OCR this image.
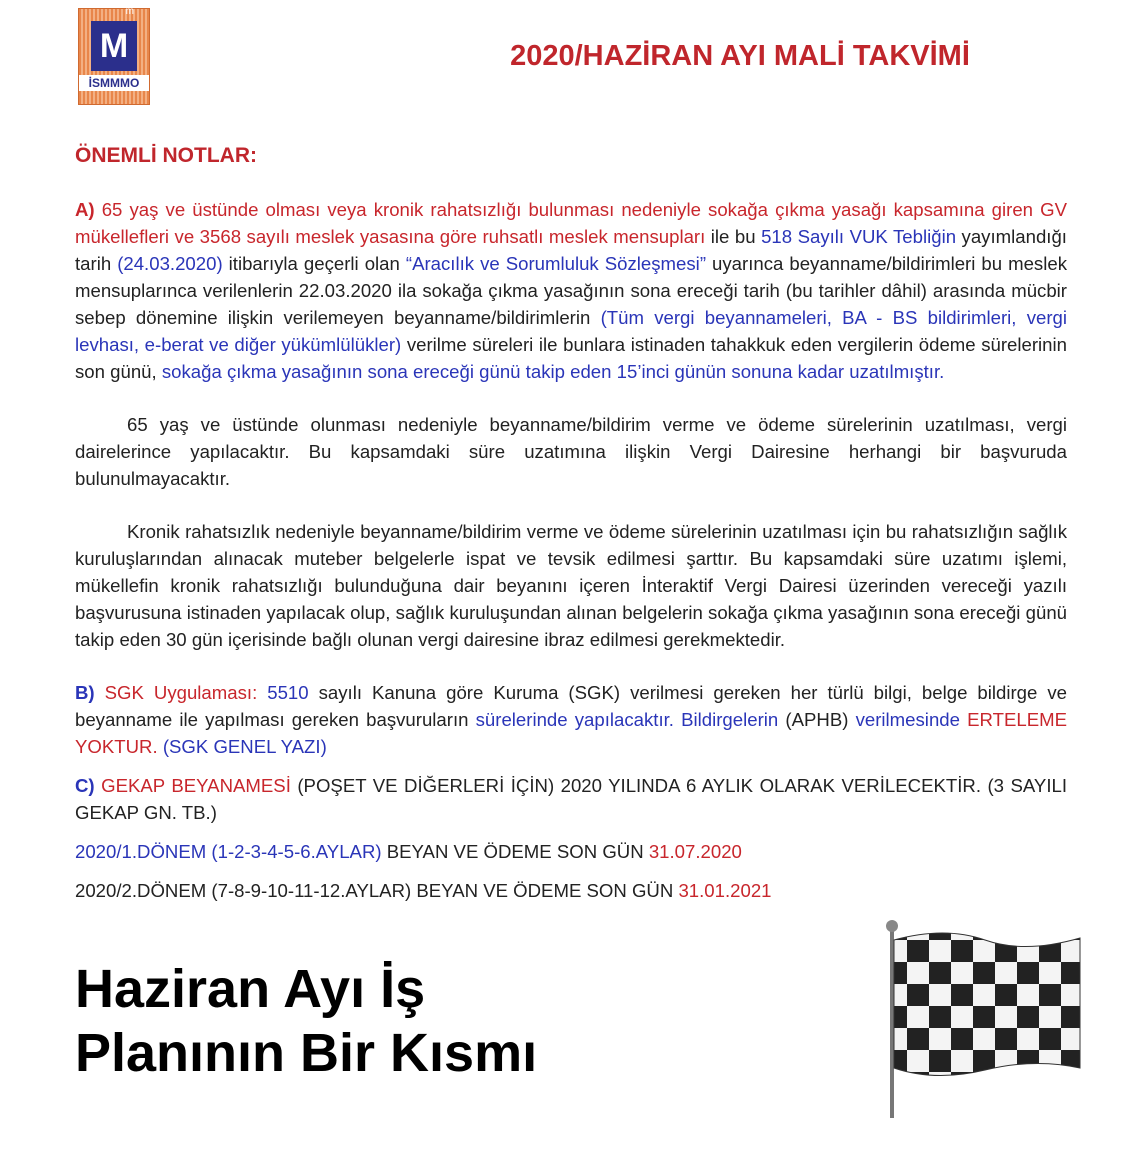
M
m
İSMMMO
2020/HAZİRAN AYI MALİ TAKVİMİ
ÖNEMLİ NOTLAR:
A) 65 yaş ve üstünde olması veya kronik rahatsızlığı bulunması nedeniyle sokağa çıkma yasağı kapsamına giren GV mükellefleri ve 3568 sayılı meslek yasasına göre ruhsatlı meslek mensupları ile bu 518 Sayılı VUK Tebliğin yayımlandığı tarih (24.03.2020) itibarıyla geçerli olan “Aracılık ve Sorumluluk Sözleşmesi” uyarınca beyanname/bildirimleri bu meslek mensuplarınca verilenlerin 22.03.2020 ila sokağa çıkma yasağının sona ereceği tarih (bu tarihler dâhil) arasında mücbir sebep dönemine ilişkin verilemeyen beyanname/bildirimlerin (Tüm vergi beyannameleri, BA - BS bildirimleri, vergi levhası, e-berat ve diğer yükümlülükler) verilme süreleri ile bunlara istinaden tahakkuk eden vergilerin ödeme sürelerinin son günü, sokağa çıkma yasağının sona ereceği günü takip eden 15’inci günün sonuna kadar uzatılmıştır.
65 yaş ve üstünde olunması nedeniyle beyanname/bildirim verme ve ödeme sürelerinin uzatılması, vergi dairelerince yapılacaktır. Bu kapsamdaki süre uzatımına ilişkin Vergi Dairesine herhangi bir başvuruda bulunulmayacaktır.
Kronik rahatsızlık nedeniyle beyanname/bildirim verme ve ödeme sürelerinin uzatılması için bu rahatsızlığın sağlık kuruluşlarından alınacak muteber belgelerle ispat ve tevsik edilmesi şarttır. Bu kapsamdaki süre uzatımı işlemi, mükellefin kronik rahatsızlığı bulunduğuna dair beyanını içeren İnteraktif Vergi Dairesi üzerinden vereceği yazılı başvurusuna istinaden yapılacak olup, sağlık kuruluşundan alınan belgelerin sokağa çıkma yasağının sona ereceği günü takip eden 30 gün içerisinde bağlı olunan vergi dairesine ibraz edilmesi gerekmektedir.
B) SGK Uygulaması: 5510 sayılı Kanuna göre Kuruma (SGK) verilmesi gereken her türlü bilgi, belge bildirge ve beyanname ile yapılması gereken başvuruların sürelerinde yapılacaktır. Bildirgelerin (APHB) verilmesinde ERTELEME YOKTUR. (SGK GENEL YAZI)
C) GEKAP BEYANAMESİ (POŞET VE DİĞERLERİ İÇİN) 2020 YILINDA 6 AYLIK OLARAK VERİLECEKTİR. (3 SAYILI GEKAP GN. TB.)
2020/1.DÖNEM (1-2-3-4-5-6.AYLAR) BEYAN VE ÖDEME SON GÜN 31.07.2020
2020/2.DÖNEM (7-8-9-10-11-12.AYLAR) BEYAN VE ÖDEME SON GÜN 31.01.2021
Haziran Ayı İş
Planının Bir Kısmı
